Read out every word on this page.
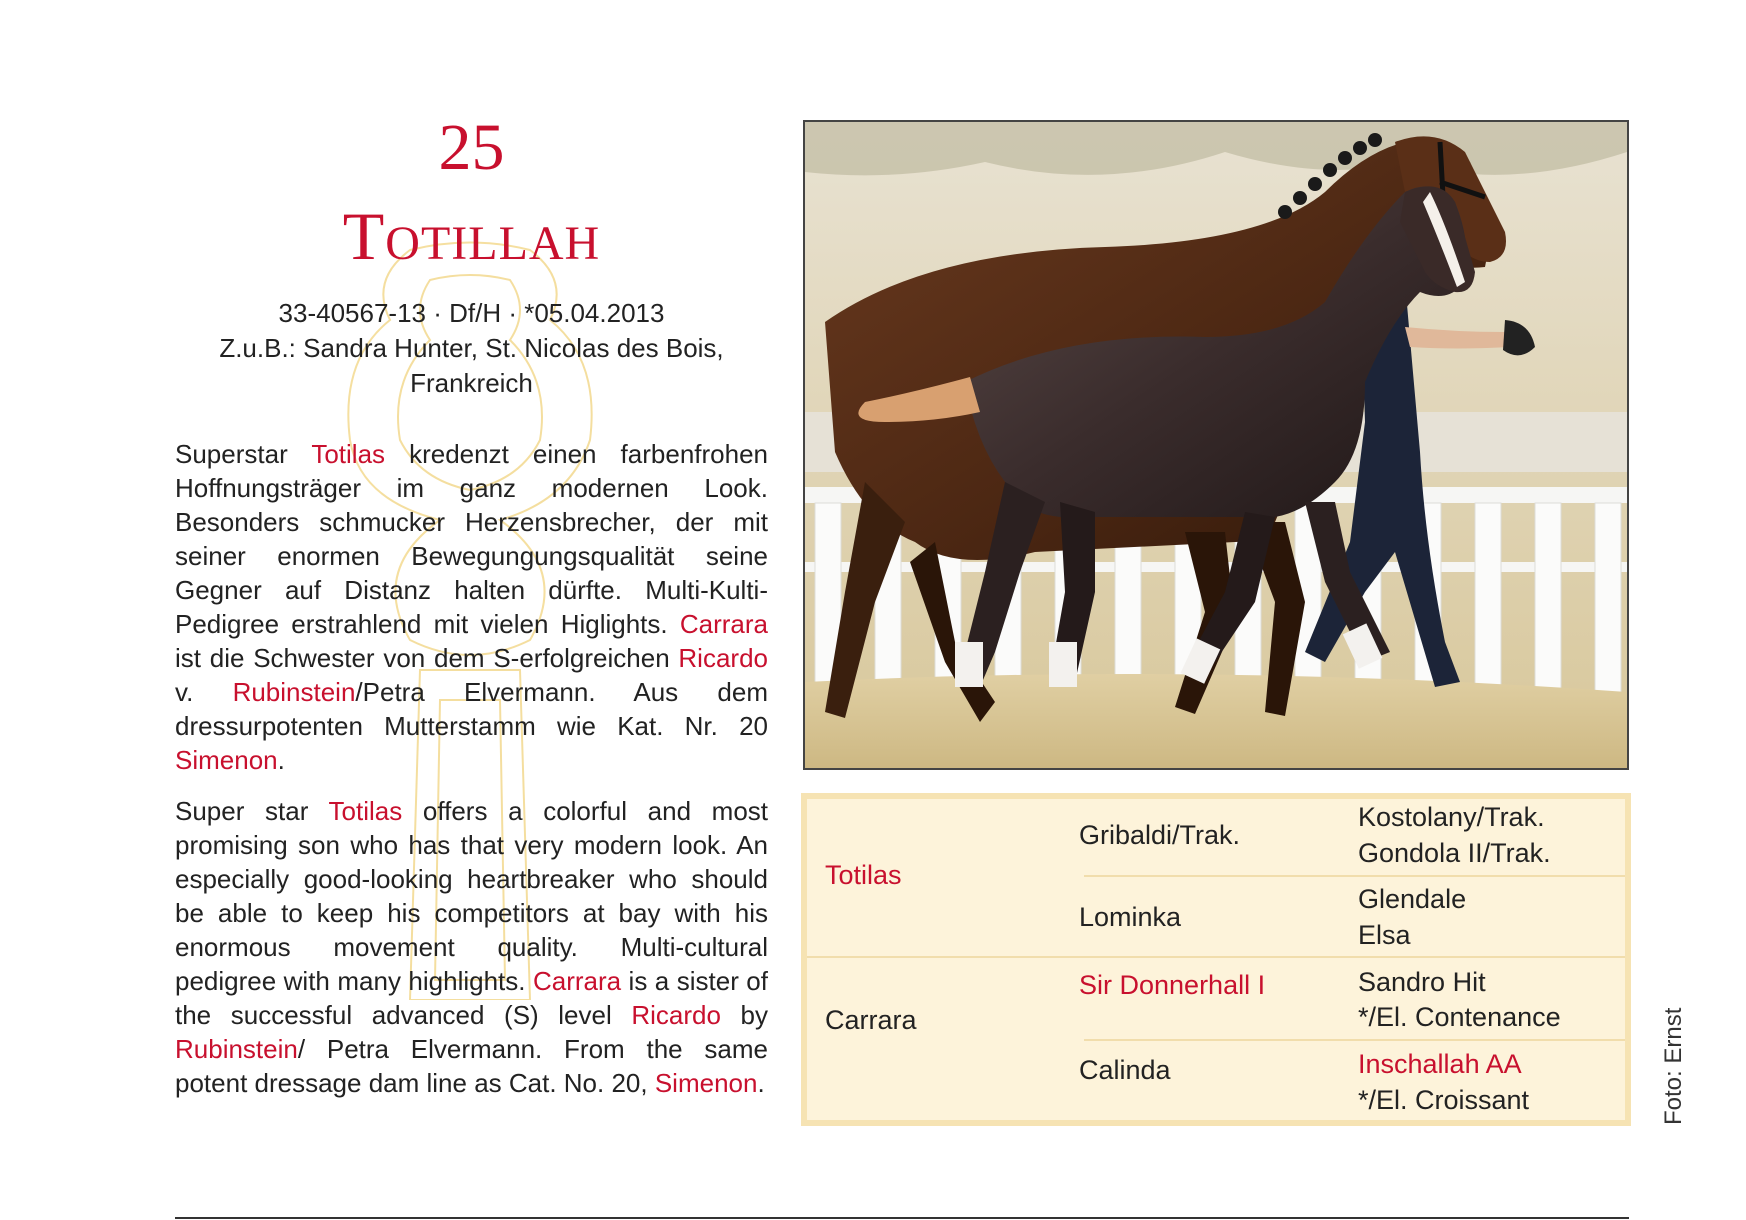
25
Totillah
33-40567-13 · Df/H · *05.04.2013
Z.u.B.: Sandra Hunter, St. Nicolas des Bois,
Frankreich

Superstar Totilas kredenzt einen farbenfrohen Hoffnungsträger im ganz modernen Look. Besonders schmucker Herzensbrecher, der mit seiner enormen Bewegungungsqualität seine Gegner auf Distanz halten dürfte. Multi-Kulti-Pedigree erstrahlend mit vielen Higlights. Carrara ist die Schwester von dem S-erfolgreichen Ricardo v. Rubinstein/Petra Elvermann. Aus dem dressurpotenten Mutterstamm wie Kat. Nr. 20 Simenon.

Super star Totilas offers a colorful and most promising son who has that very modern look. An especially good-looking heartbreaker who should be able to keep his competitors at bay with his enormous movement quality. Multi-cultural pedigree with many highlights. Carrara is a sister of the successful advanced (S) level Ricardo by Rubinstein/ Petra Elvermann. From the same potent dressage dam line as Cat. No. 20, Simenon.

Totilas
Carrara
Gribaldi/Trak.
Lominka
Sir Donnerhall I
Calinda
Kostolany/Trak.
Gondola II/Trak.
Glendale
Elsa
Sandro Hit
*/El. Contenance
Inschallah AA
*/El. Croissant	Foto: Ernst
